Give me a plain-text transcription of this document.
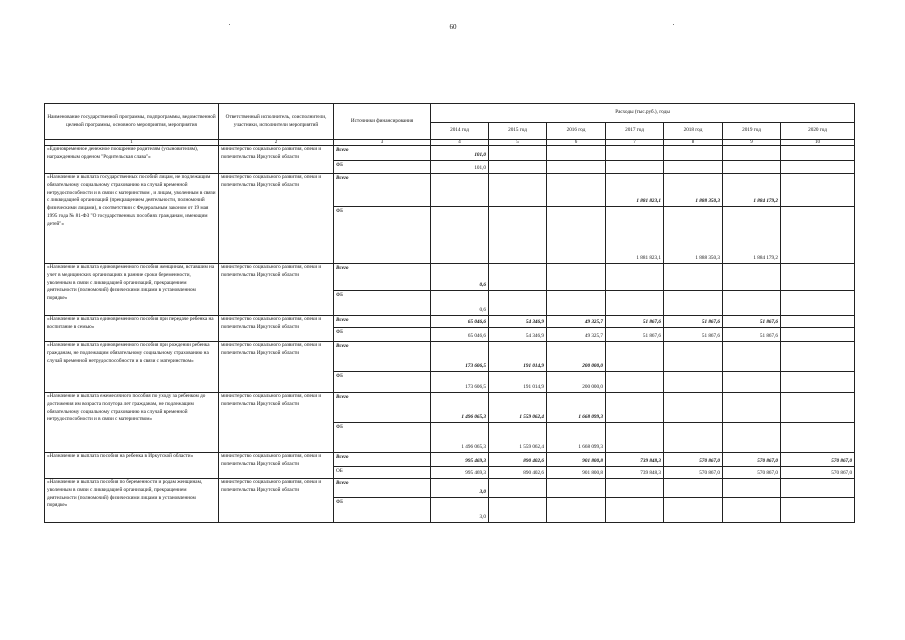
60
Наименование государственной программы, подпрограммы, ведомственной целевой программы, основного мероприятия, мероприятия	Ответственный исполнитель, соисполнители, участники, исполнители мероприятий	Источники финансирования	Расходы (тыс.руб.), годы						
			2014 год	2015 год	2016 год	2017 год	2018 год	2019 год	2020 год
1	2	3	4	5	6	7	8	9	10
«Единовременное денежное поощрение родителям (усыновителям), награжденным орденом "Родительская слава"»	министерство социального развития, опеки и попечительства Иркутской области	Всего	101,0						
		ФБ	101,0						
«Назначение и выплата государственных пособий лицам, не подлежащим обязательному социальному страхованию на случай временной нетрудоспособности и в связи с материнством , и лицам, уволенным в связи с ликвидацией организаций (прекращением деятельности, полномочий физическими лицами), в соответствии с Федеральным законом от 19 мая 1995 года № 81-ФЗ "О государственных пособиях гражданам, имеющим детей"»	министерство социального развития, опеки и попечительства Иркутской области	Всего				1 881 823,1	1 888 350,3	1 884 179,2	
		ФБ				1 881 823,1	1 888 350,3	1 884 179,2	
«Назначение и выплата единовременного пособия женщинам, вставшим на учет в медицинских организациях в ранние сроки беременности, уволенным в связи с ликвидацией организаций, прекращением деятельности (полномочий) физическими лицами в установленном порядке»	министерство социального развития, опеки и попечительства Иркутской области	Всего	0,6						
		ФБ	0,6						
«Назначение и выплата единовременного пособия при передаче ребенка на воспитание в семью»	министерство социального развития, опеки и попечительства Иркутской области	Всего	65 046,6	54 346,9	49 325,7	51 867,6	51 867,6	51 867,6	
		ФБ	65 046,6	54 346,9	49 325,7	51 867,6	51 867,6	51 867,6	
«Назначение и выплата единовременного пособия при рождении ребенка гражданам, не подлежащим обязательному социальному страхованию на случай временной нетрудоспособности и в связи с материнством»	министерство социального развития, опеки и попечительства Иркутской области	Всего	173 606,5	191 014,9	200 000,0				
		ФБ	173 606,5	191 014,9	200 000,0				
«Назначение и выплата ежемесячного пособия по уходу за ребенком до достижения им возраста полутора лет гражданам, не подлежащим обязательному социальному страхованию на случай временной нетрудоспособности и в связи с материнством»	министерство социального развития, опеки и попечительства Иркутской области	Всего	1 496 065,3	1 559 062,4	1 668 099,3				
		ФБ	1 496 065,3	1 559 062,4	1 668 099,3				
«Назначение и выплата пособия на ребенка в Иркутской области»	министерство социального развития, опеки и попечительства Иркутской области	Всего	995 469,3	890 402,6	901 800,8	739 848,3	570 867,0	570 867,0	570 867,0
		ОБ	995 469,3	890 402,6	901 800,8	739 848,3	570 867,0	570 867,0	570 867,0
«Назначение и выплата пособия по беременности и родам женщинам, уволенным в связи с ликвидацией организаций, прекращением деятельности (полномочий) физическими лицами в установленном порядке»	министерство социального развития, опеки и попечительства Иркутской области	Всего	3,0						
		ФБ	3,0						
